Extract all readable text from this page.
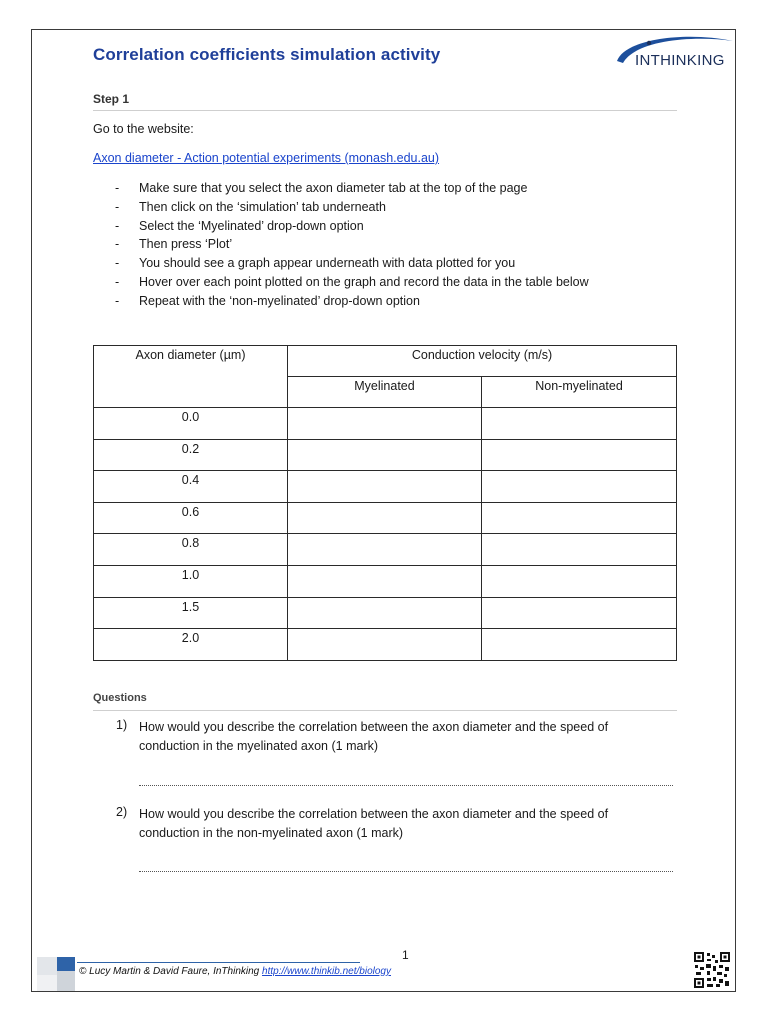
Correlation coefficients simulation activity	INTHINKING
Step 1
Go to the website:
Axon diameter - Action potential experiments (monash.edu.au)
- Make sure that you select the axon diameter tab at the top of the page
- Then click on the ‘simulation’ tab underneath
- Select the ‘Myelinated’ drop-down option
- Then press ‘Plot’
- You should see a graph appear underneath with data plotted for you
- Hover over each point plotted on the graph and record the data in the table below
- Repeat with the ‘non-myelinated’ drop-down option
Axon diameter (µm)	Conduction velocity (m/s)	
	Myelinated	Non-myelinated
0.0		
0.2		
0.4		
0.6		
0.8		
1.0		
1.5		
2.0		
Questions
1) How would you describe the correlation between the axon diameter and the speed of conduction in the myelinated axon (1 mark)
2) How would you describe the correlation between the axon diameter and the speed of conduction in the non-myelinated axon (1 mark)
1
© Lucy Martin & David Faure, InThinking http://www.thinkib.net/biology
